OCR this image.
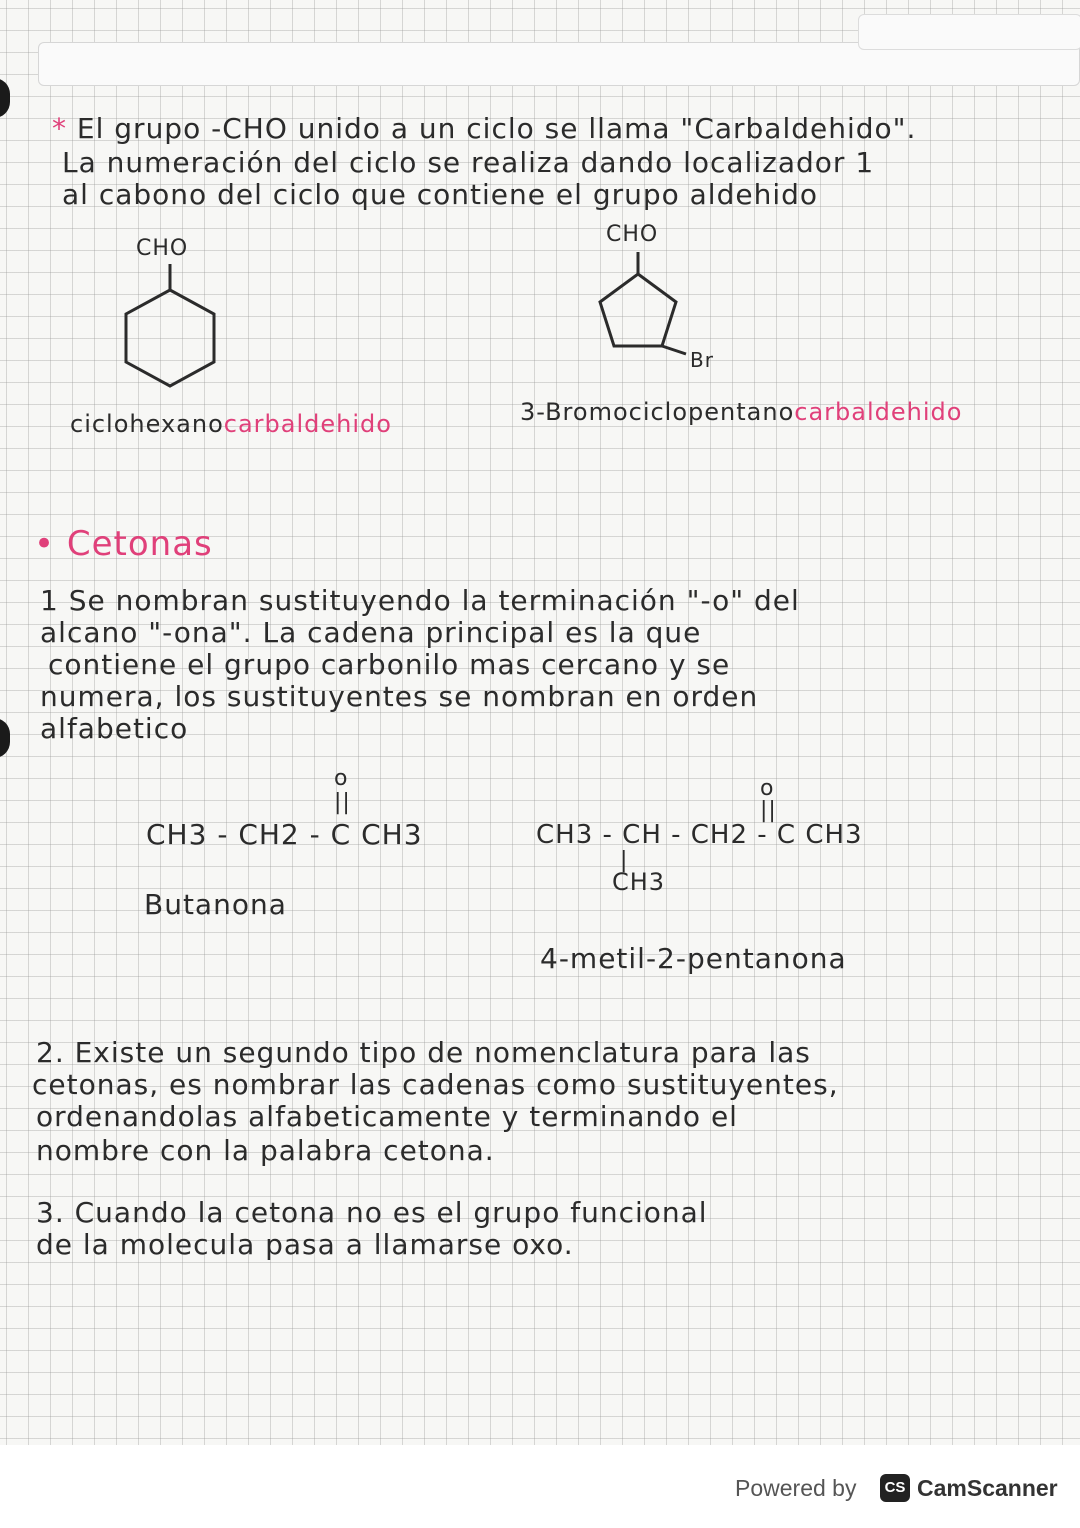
* El grupo -CHO unido a un ciclo se llama "Carbaldehido".
La numeración del ciclo se realiza dando localizador 1
al cabono del ciclo que contiene el grupo aldehido
CHO
ciclohexanocarbaldehido
CHO
Br
3-Bromociclopentanocarbaldehido
• Cetonas
1 Se nombran sustituyendo la terminación "-o" del
alcano "-ona". La cadena principal es la que
contiene el grupo carbonilo mas cercano y se
numera, los sustituyentes se nombran en orden
alfabetico
o
||
CH3 - CH2 - C CH3
Butanona
o
||
CH3 - CH - CH2 - C CH3
|
CH3
4-metil-2-pentanona
2. Existe un segundo tipo de nomenclatura para las
cetonas, es nombrar las cadenas como sustituyentes,
ordenandolas alfabeticamente y terminando el
nombre con la palabra cetona.
3. Cuando la cetona no es el grupo funcional
de la molecula pasa a llamarse oxo.
Powered by	CS CamScanner
